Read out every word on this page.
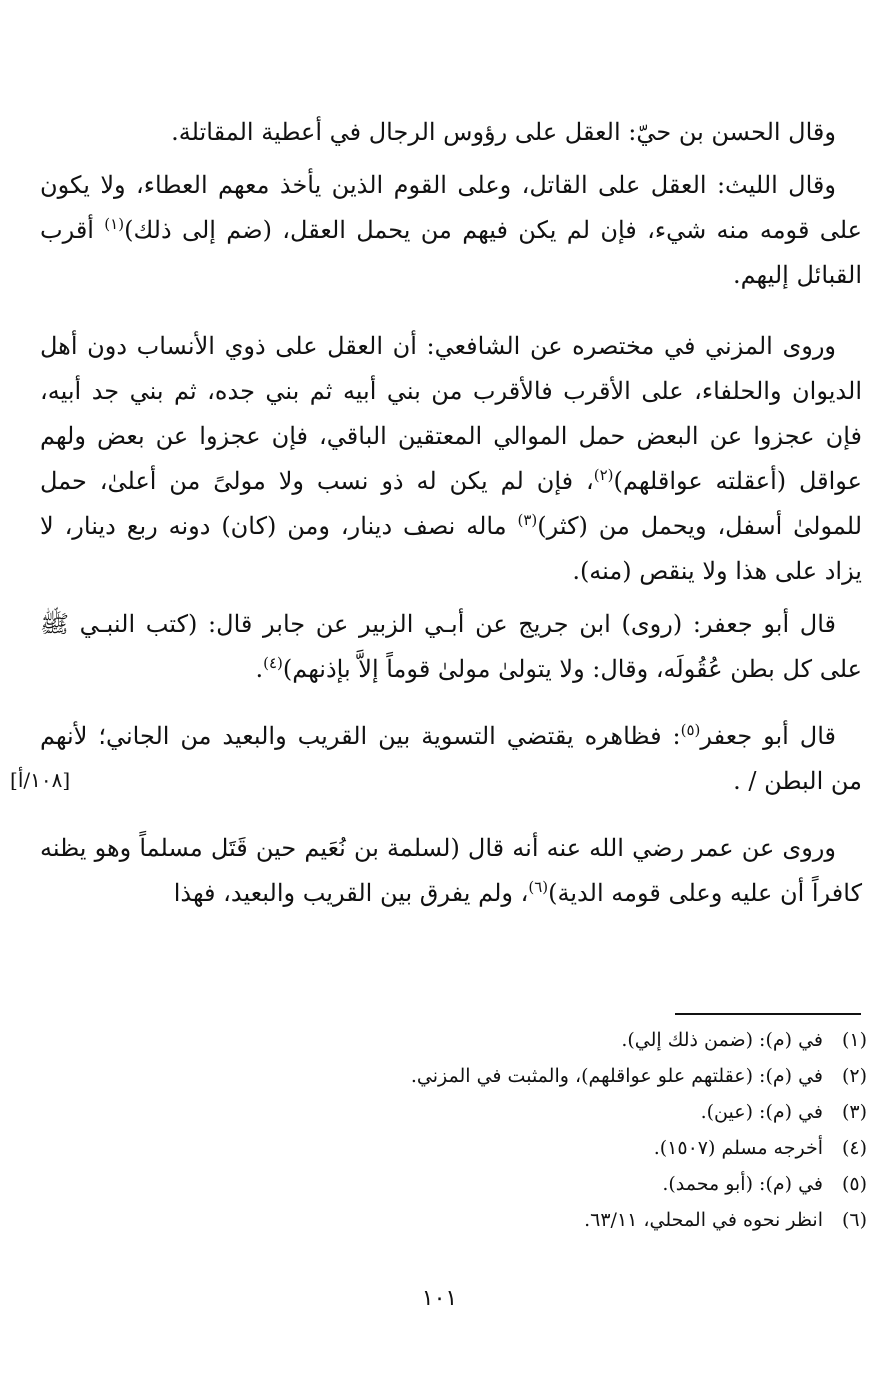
وقال الحسن بن حيّ: العقل على رؤوس الرجال في أعطية المقاتلة.

وقال الليث: العقل على القاتل، وعلى القوم الذين يأخذ معهم العطاء، ولا يكون على قومه منه شيء، فإن لم يكن فيهم من يحمل العقل، (ضم إلى ذلك)$^{(١)}$ أقرب القبائل إليهم.

وروى المزني في مختصره عن الشافعي: أن العقل على ذوي الأنساب دون أهل الديوان والحلفاء، على الأقرب فالأقرب من بني أبيه ثم بني جده، ثم بني جد أبيه، فإن عجزوا عن البعض حمل الموالي المعتقين الباقي، فإن عجزوا عن بعض ولهم عواقل (أعقلته عواقلهم)$^{(٢)}$، فإن لم يكن له ذو نسب ولا مولىً من أعلىٰ، حمل للمولىٰ أسفل، ويحمل من (كثر)$^{(٣)}$ ماله نصف دينار، ومن (كان) دونه ربع دينار، لا يزاد على هذا ولا ينقص (منه).

قال أبو جعفر: (روى) ابن جريج عن أبـي الزبير عن جابر قال: (كتب النبـي ﷺ على كل بطن عُقُولَه، وقال: ولا يتولىٰ مولىٰ قوماً إلاَّ بإذنهم)$^{(٤)}$.

قال أبو جعفر$^{(٥)}$: فظاهره يقتضي التسوية بين القريب والبعيد من الجاني؛ لأنهم من البطن / .

وروى عن عمر رضي الله عنه أنه قال (لسلمة بن نُعَيم حين قَتَل مسلماً وهو يظنه كافراً أن عليه وعلى قومه الدية)$^{(٦)}$، ولم يفرق بين القريب والبعيد، فهذا

[١٠٨/أ]

(١)في (م): (ضمن ذلك إلي).

(٢)في (م): (عقلتهم علو عواقلهم)، والمثبت في المزني.

(٣)في (م): (عين).

(٤)أخرجه مسلم (١٥٠٧).

(٥)في (م): (أبو محمد).

(٦)انظر نحوه في المحلي، ٦٣/١١.

١٠١
